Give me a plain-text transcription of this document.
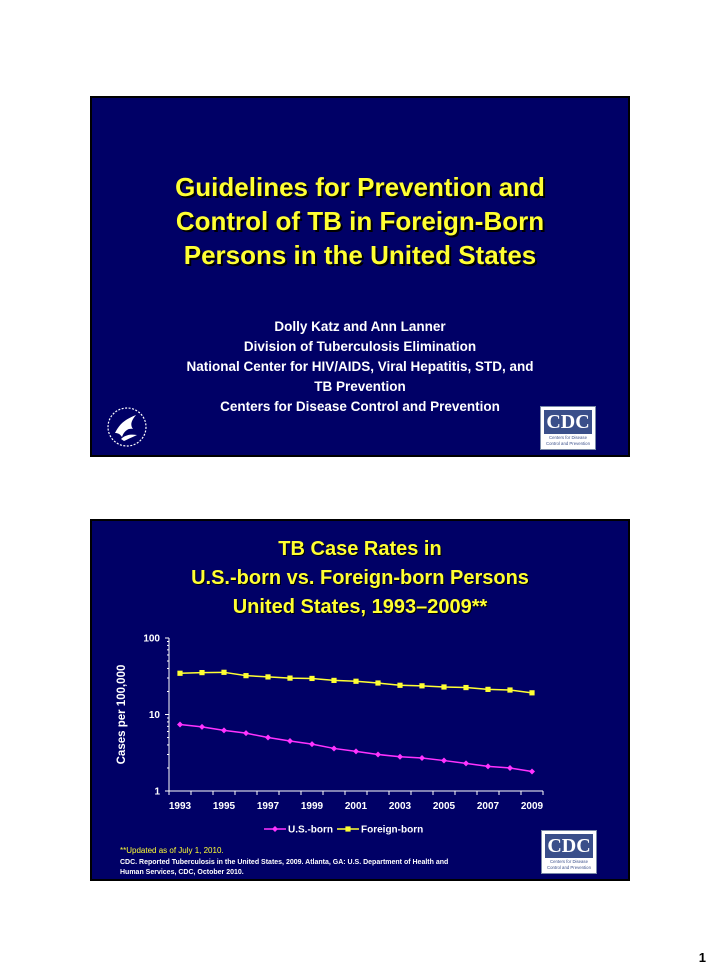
Guidelines for Prevention and
Control of TB in Foreign-Born
Persons in the United States
Dolly Katz and Ann Lanner
Division of Tuberculosis Elimination
National Center for HIV/AIDS, Viral Hepatitis, STD, and
TB Prevention
Centers for Disease Control and Prevention
CDC
Centers for Disease
Control and Prevention
TB Case Rates in
U.S.-born vs. Foreign-born Persons
United States, 1993–2009**
1
10
100
Cases per 100,000
1993 1995 1997 1999 2001 2003 2005 2007 2009
U.S.-born	Foreign-born
CDC
Centers for Disease
Control and Prevention
**Updated as of July 1, 2010.
CDC. Reported Tuberculosis in the United States, 2009. Atlanta, GA: U.S. Department of Health and
Human Services, CDC, October 2010.
1
